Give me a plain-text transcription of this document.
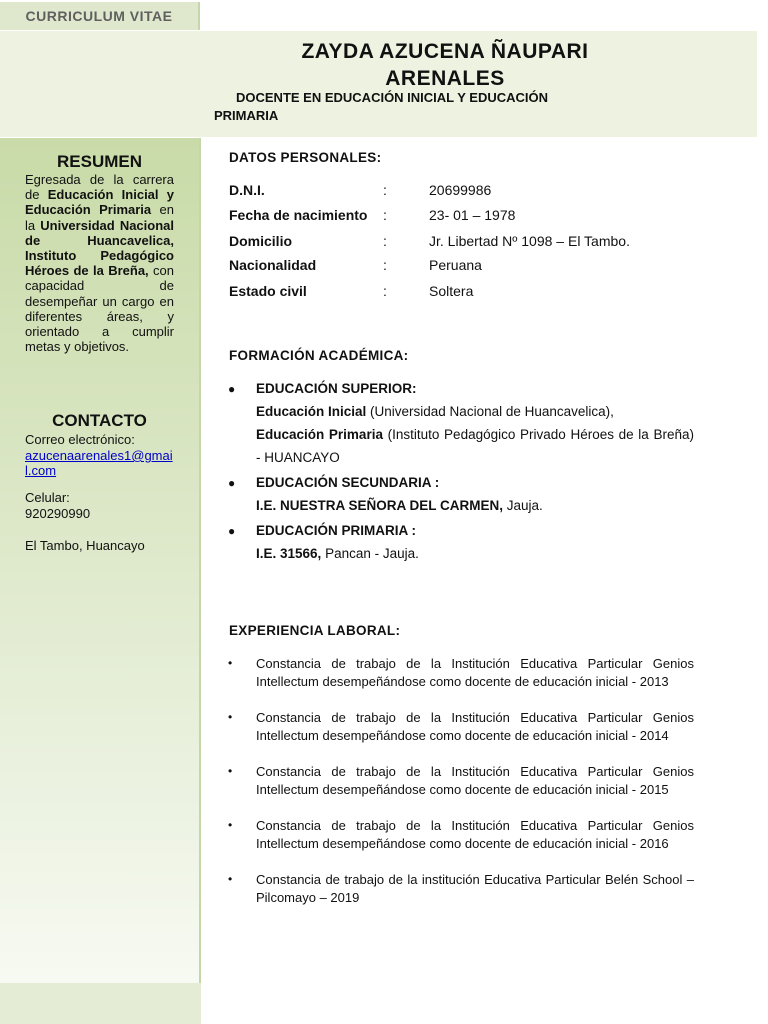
CURRICULUM VITAE
ZAYDA AZUCENA ÑAUPARI
ARENALES
DOCENTE EN EDUCACIÓN INICIAL Y EDUCACIÓN
PRIMARIA
RESUMEN
Egresada de la carrera de Educación Inicial y Educación Primaria en la Universidad Nacional de Huancavelica, Instituto Pedagógico Héroes de la Breña, con capacidad de desempeñar un cargo en diferentes áreas, y orientado a cumplir metas y objetivos.
CONTACTO
Correo electrónico:
azucenaarenales1@gmail.com
Celular:
920290990
El Tambo, Huancayo
DATOS PERSONALES:
D.N.I.	:	20699986
Fecha de nacimiento :	23- 01 – 1978
Domicilio	:	Jr. Libertad Nº 1098 – El Tambo.
Nacionalidad	:	Peruana
Estado civil	:	Soltera
FORMACIÓN ACADÉMICA:
● EDUCACIÓN SUPERIOR:
Educación Inicial (Universidad Nacional de Huancavelica),
Educación Primaria (Instituto Pedagógico Privado Héroes de la Breña) - HUANCAYO
● EDUCACIÓN SECUNDARIA :
I.E. NUESTRA SEÑORA DEL CARMEN, Jauja.
● EDUCACIÓN PRIMARIA :
I.E. 31566, Pancan - Jauja.
EXPERIENCIA LABORAL:
• Constancia de trabajo de la Institución Educativa Particular Genios Intellectum desempeñándose como docente de educación inicial - 2013
• Constancia de trabajo de la Institución Educativa Particular Genios Intellectum desempeñándose como docente de educación inicial - 2014
• Constancia de trabajo de la Institución Educativa Particular Genios Intellectum desempeñándose como docente de educación inicial - 2015
• Constancia de trabajo de la Institución Educativa Particular Genios Intellectum desempeñándose como docente de educación inicial - 2016
• Constancia de trabajo de la institución Educativa Particular Belén School –Pilcomayo – 2019
